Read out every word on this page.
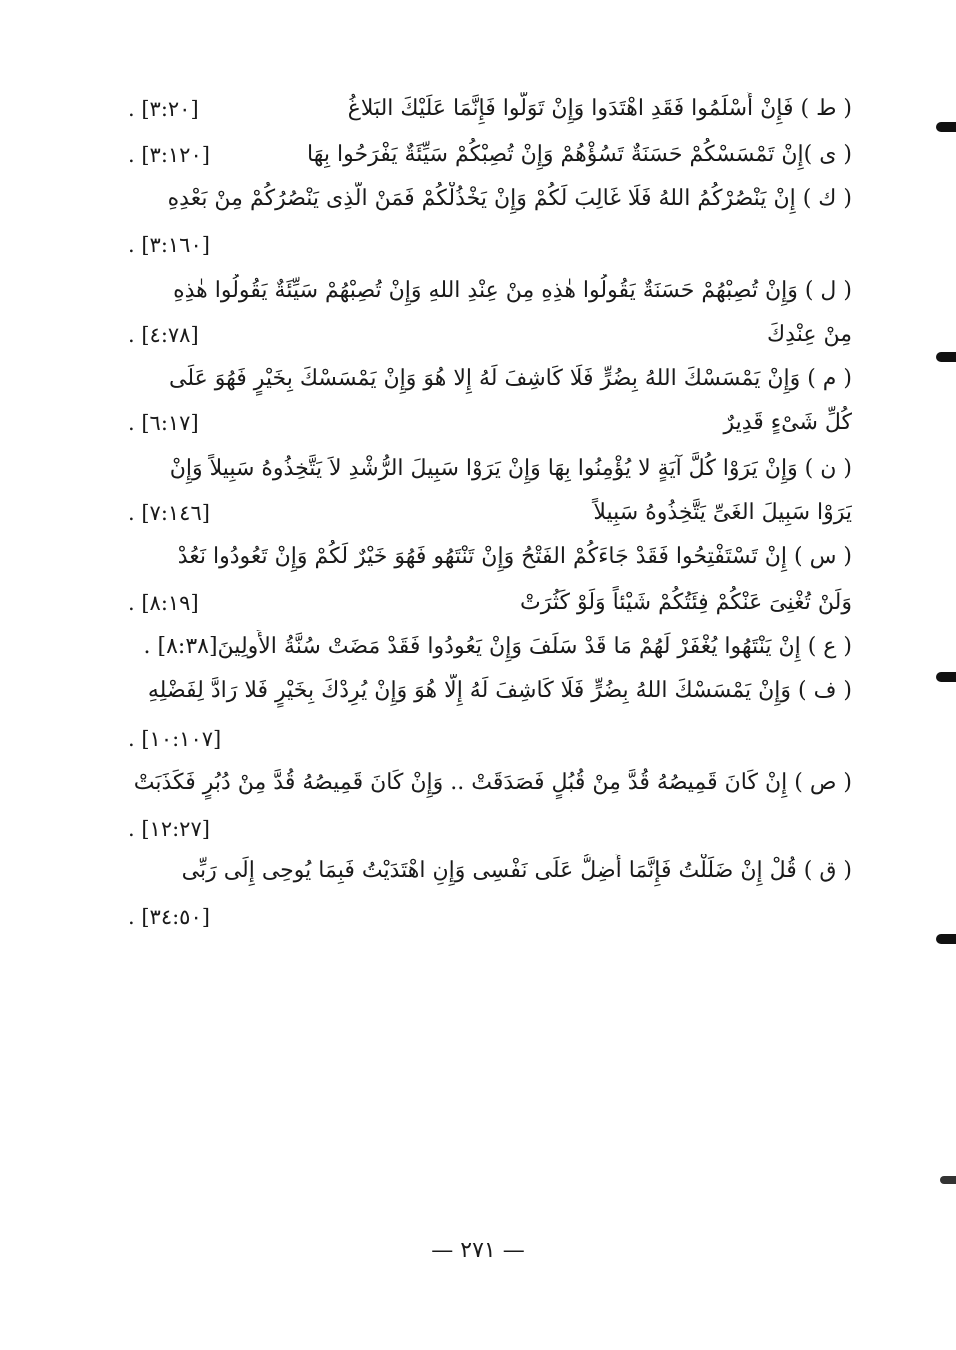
( ط ) فَإِنْ أَسْلَمُوا فَقَدِ اهْتَدَوا وَإِنْ تَوَلَّوا فَإِنَّمَا عَلَيْكَ البَلاغُ
. [٣:٢٠]
( ى )إِنْ تَمْسَسْكُمْ حَسَنَةٌ تَسُؤْهُمْ وَإِنْ تُصِبْكُمْ سَيِّئَةٌ يَفْرَحُوا بِهَا
. [٣:١٢٠]
( ك ) إِنْ يَنْصُرْكُمُ اللهُ فَلَا غَالِبَ لَكُمْ وَإِنْ يَخْذُلْكُمْ فَمَنْ الَّذِى يَنْصُرُكُمْ مِنْ بَعْدِهِ
. [٣:١٦٠]
( ل ) وَإِنْ تُصِبْهُمْ حَسَنَةٌ يَقُولُوا هٰذِهِ مِنْ عِنْدِ اللهِ وَإِنْ تُصِبْهُمْ سَيِّئَةٌ يَقُولُوا هٰذِهِ
مِنْ عِنْدِكَ
. [٤:٧٨]
( م ) وَإِنْ يَمْسَسْكَ اللهُ بِضُرٍّ فَلَا كَاشِفَ لَهُ إِلا هُوَ وَإِنْ يَمْسَسْكَ بِخَيْرٍ فَهُوَ عَلَى
كُلِّ شَىْءٍ قَدِيرٌ
. [٦:١٧]
( ن ) وَإِنْ يَرَوْا كُلَّ آيَةٍ لا يُؤْمِنُوا بِهَا وَإِنْ يَرَوْا سَبِيلَ الرُّشْدِ لاَ يَتَّخِذُوهُ سَبِيلاً وَإِنْ
يَرَوْا سَبِيلَ الغَىِّ يَتَّخِذُوهُ سَبِيلاً
. [٧:١٤٦]
( س ) إِنْ تَسْتَفْتِحُوا فَقَدْ جَاءَكُمْ الفَتْحُ وَإِنْ تَنْتَهُو فَهُوَ خَيْرٌ لَكُمْ وَإِنْ تَعُودُوا نَعُدْ
وَلَنْ تُغْنِىَ عَنْكُمْ فِئَتُكُمْ شَيْئاً وَلَوْ كَثُرَتْ
. [٨:١٩]
( ع ) إِنْ يَنْتَهُوا يُغْفَرْ لَهُمْ مَا قَدْ سَلَفَ وَإِنْ يَعُودُوا فَقَدْ مَضَتْ سُنَّةُ الأَولِينَ[٨:٣٨] .
( ف ) وَإِنْ يَمْسَسْكَ اللهُ بِضُرٍّ فَلَا كَاشِفَ لَهُ إِلَّا هُوَ وَإِنْ يُرِدْكَ بِخَيْرٍ فَلا رَادَّ لِفَضْلِهِ
. [١٠:١٠٧]
( ص ) إِنْ كَانَ قَمِيصُهُ قُدَّ مِنْ قُبُلٍ فَصَدَقَتْ .. وَإِنْ كَانَ قَمِيصُهُ قُدَّ مِنْ دُبُرٍ فَكَذَبَتْ
. [١٢:٢٧]
( ق ) قُلْ إِنْ ضَلَلْتُ فَإِنَّمَا أَضِلُّ عَلَى نَفْسِى وَإِنِ اهْتَدَيْتُ فَبِمَا يُوحِى إِلَى رَبِّى
. [٣٤:٥٠]
— ٢٧١ —
